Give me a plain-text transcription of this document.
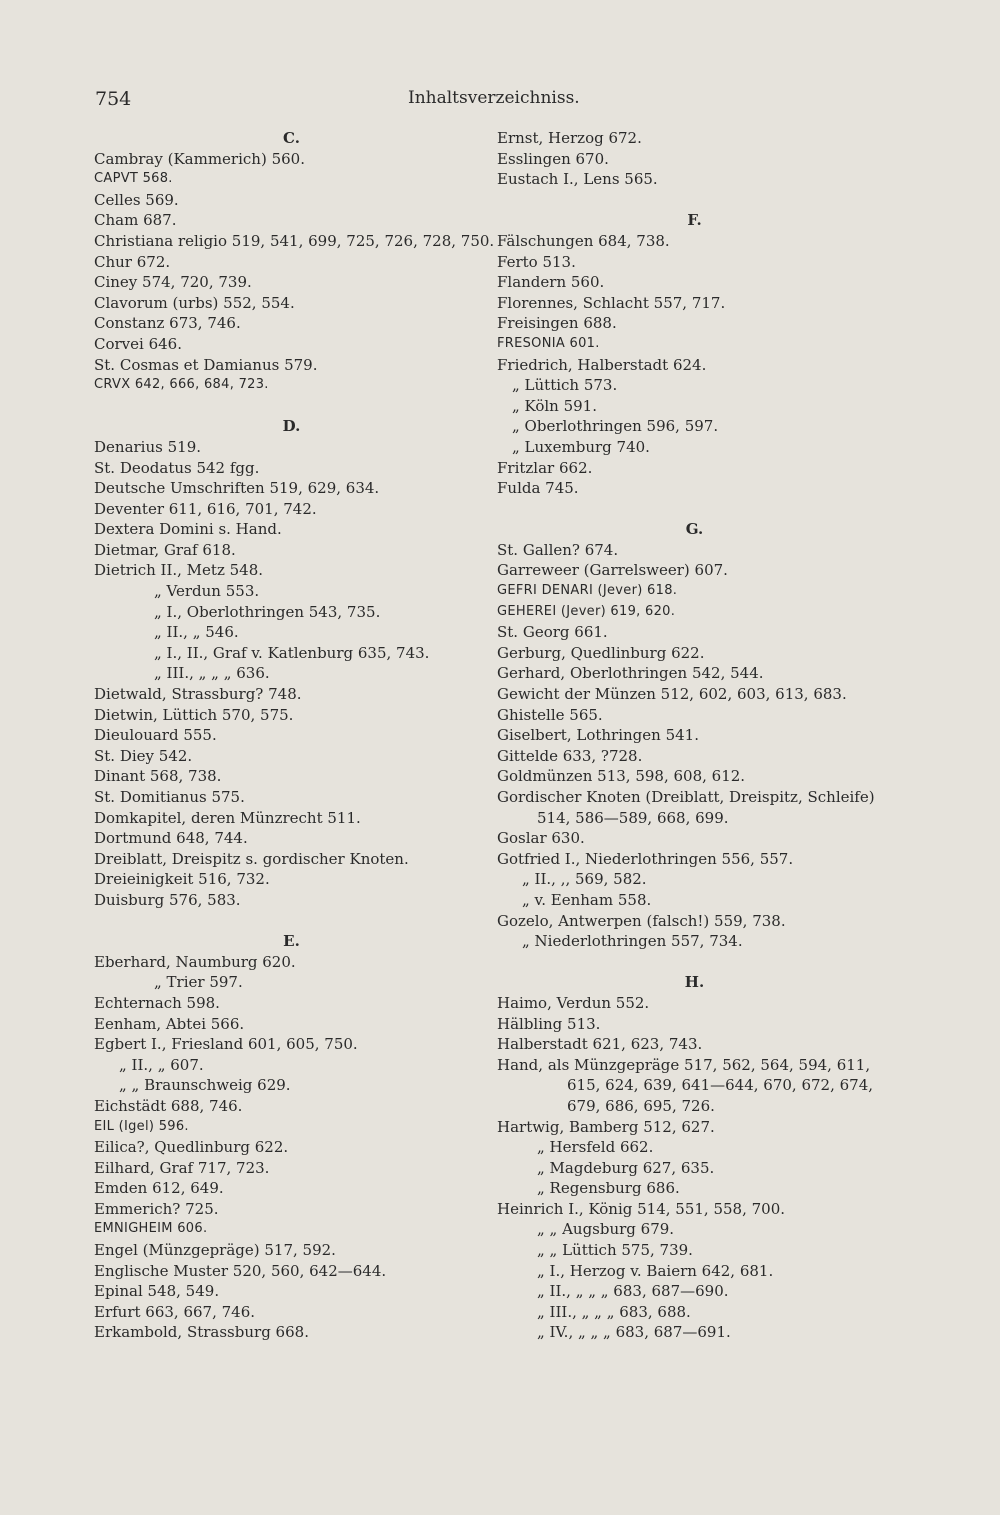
754	Inhaltsverzeichniss.
C.
Cambray (Kammerich) 560.
CAPVT 568.
Celles 569.
Cham 687.
Christiana religio 519, 541, 699, 725, 726, 728, 750.
Chur 672.
Ciney 574, 720, 739.
Clavorum (urbs) 552, 554.
Constanz 673, 746.
Corvei 646.
St. Cosmas et Damianus 579.
CRVX 642, 666, 684, 723.
D.
Denarius 519.
St. Deodatus 542 fgg.
Deutsche Umschriften 519, 629, 634.
Deventer 611, 616, 701, 742.
Dextera Domini s. Hand.
Dietmar, Graf 618.
Dietrich II., Metz 548.
„ Verdun 553.
„ I., Oberlothringen 543, 735.
„ II., „ 546.
„ I., II., Graf v. Katlenburg 635, 743.
„ III., „ „ „ 636.
Dietwald, Strassburg? 748.
Dietwin, Lüttich 570, 575.
Dieulouard 555.
St. Diey 542.
Dinant 568, 738.
St. Domitianus 575.
Domkapitel, deren Münzrecht 511.
Dortmund 648, 744.
Dreiblatt, Dreispitz s. gordischer Knoten.
Dreieinigkeit 516, 732.
Duisburg 576, 583.
E.
Eberhard, Naumburg 620.
„ Trier 597.
Echternach 598.
Eenham, Abtei 566.
Egbert I., Friesland 601, 605, 750.
„ II., „ 607.
„ „ Braunschweig 629.
Eichstädt 688, 746.
EIL (Igel) 596.
Eilica?, Quedlinburg 622.
Eilhard, Graf 717, 723.
Emden 612, 649.
Emmerich? 725.
EMNIGHEIM 606.
Engel (Münzgepräge) 517, 592.
Englische Muster 520, 560, 642—644.
Epinal 548, 549.
Erfurt 663, 667, 746.
Erkambold, Strassburg 668.
Ernst, Herzog 672.
Esslingen 670.
Eustach I., Lens 565.
F.
Fälschungen 684, 738.
Ferto 513.
Flandern 560.
Florennes, Schlacht 557, 717.
Freisingen 688.
FRESONIA 601.
Friedrich, Halberstadt 624.
„ Lüttich 573.
„ Köln 591.
„ Oberlothringen 596, 597.
„ Luxemburg 740.
Fritzlar 662.
Fulda 745.
G.
St. Gallen? 674.
Garreweer (Garrelsweer) 607.
GEFRI DENARI (Jever) 618.
GEHEREI (Jever) 619, 620.
St. Georg 661.
Gerburg, Quedlinburg 622.
Gerhard, Oberlothringen 542, 544.
Gewicht der Münzen 512, 602, 603, 613, 683.
Ghistelle 565.
Giselbert, Lothringen 541.
Gittelde 633, ?728.
Goldmünzen 513, 598, 608, 612.
Gordischer Knoten (Dreiblatt, Dreispitz, Schleife)
514, 586—589, 668, 699.
Goslar 630.
Gotfried I., Niederlothringen 556, 557.
„ II., ,, 569, 582.
„ v. Eenham 558.
Gozelo, Antwerpen (falsch!) 559, 738.
„ Niederlothringen 557, 734.
H.
Haimo, Verdun 552.
Hälbling 513.
Halberstadt 621, 623, 743.
Hand, als Münzgepräge 517, 562, 564, 594, 611,
615, 624, 639, 641—644, 670, 672, 674,
679, 686, 695, 726.
Hartwig, Bamberg 512, 627.
„ Hersfeld 662.
„ Magdeburg 627, 635.
„ Regensburg 686.
Heinrich I., König 514, 551, 558, 700.
„ „ Augsburg 679.
„ „ Lüttich 575, 739.
„ I., Herzog v. Baiern 642, 681.
„ II., „ „ „ 683, 687—690.
„ III., „ „ „ 683, 688.
„ IV., „ „ „ 683, 687—691.
